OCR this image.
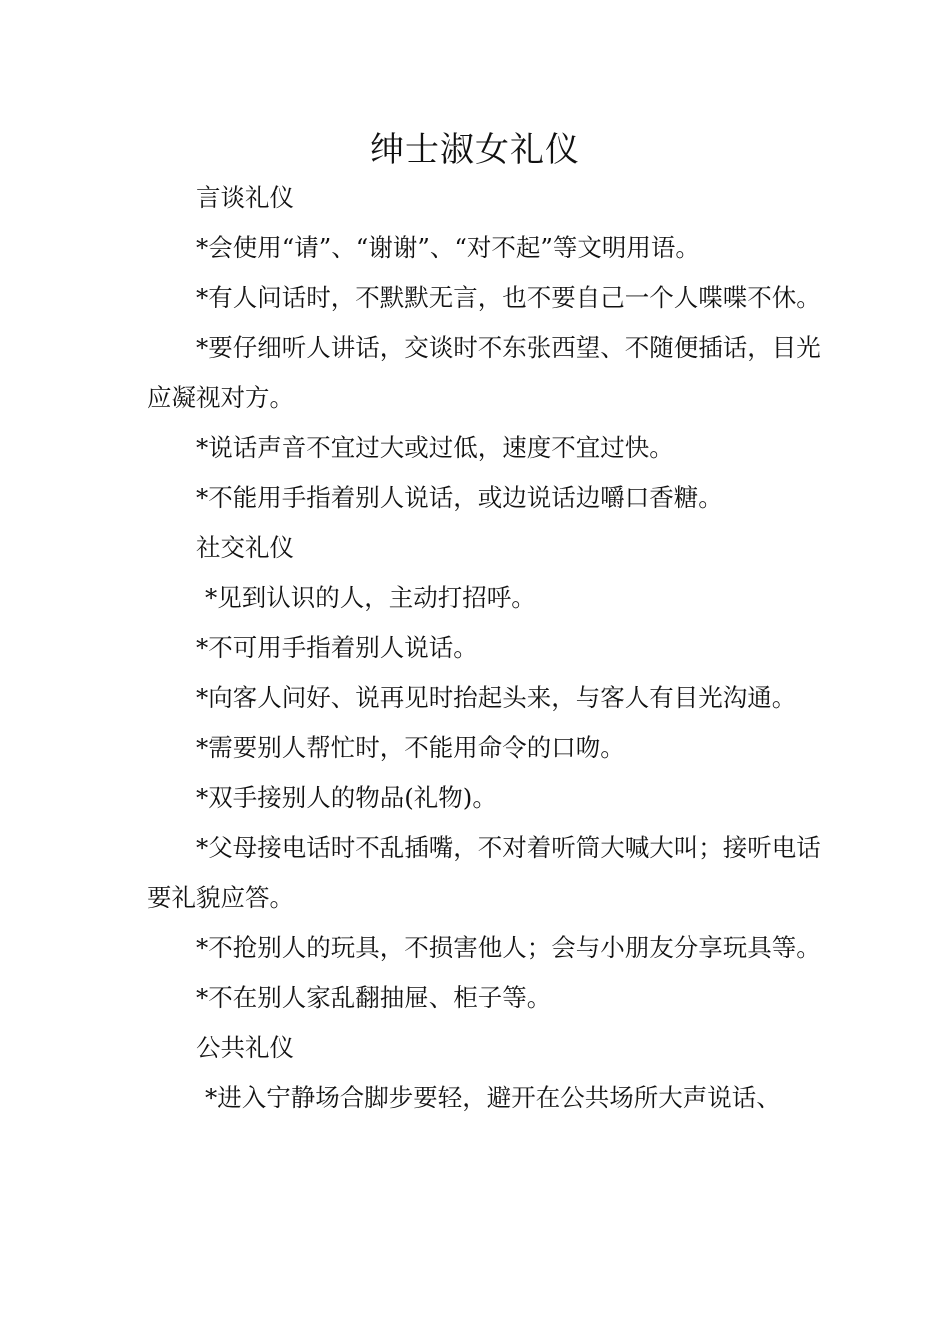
绅士淑女礼仪

言谈礼仪

*会使用“请”、“谢谢”、“对不起”等文明用语。

*有人问话时，不默默无言，也不要自己一个人喋喋不休。

*要仔细听人讲话，交谈时不东张西望、不随便插话，目光应凝视对方。

*说话声音不宜过大或过低，速度不宜过快。

*不能用手指着别人说话，或边说话边嚼口香糖。

社交礼仪

*见到认识的人，主动打招呼。

*不可用手指着别人说话。

*向客人问好、说再见时抬起头来，与客人有目光沟通。

*需要别人帮忙时，不能用命令的口吻。

*双手接别人的物品(礼物)。

*父母接电话时不乱插嘴，不对着听筒大喊大叫；接听电话要礼貌应答。

*不抢别人的玩具，不损害他人；会与小朋友分享玩具等。

*不在别人家乱翻抽屉、柜子等。

公共礼仪

*进入宁静场合脚步要轻，避开在公共场所大声说话、
